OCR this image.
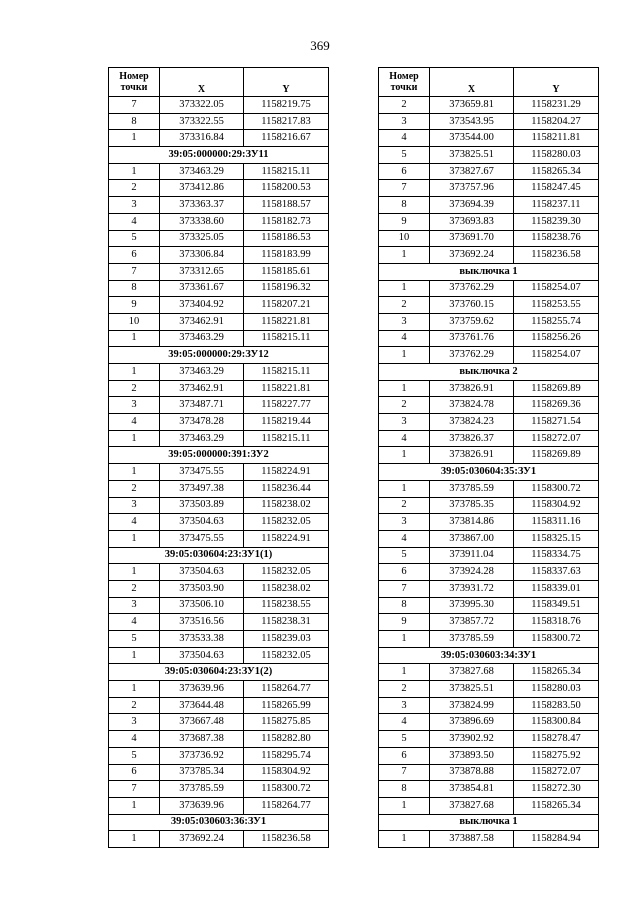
369
Номер
точки	X	Y
7	373322.05	1158219.75
8	373322.55	1158217.83
1	373316.84	1158216.67
39:05:000000:29:ЗУ11		
1	373463.29	1158215.11
2	373412.86	1158200.53
3	373363.37	1158188.57
4	373338.60	1158182.73
5	373325.05	1158186.53
6	373306.84	1158183.99
7	373312.65	1158185.61
8	373361.67	1158196.32
9	373404.92	1158207.21
10	373462.91	1158221.81
1	373463.29	1158215.11
39:05:000000:29:ЗУ12		
1	373463.29	1158215.11
2	373462.91	1158221.81
3	373487.71	1158227.77
4	373478.28	1158219.44
1	373463.29	1158215.11
39:05:000000:391:ЗУ2		
1	373475.55	1158224.91
2	373497.38	1158236.44
3	373503.89	1158238.02
4	373504.63	1158232.05
1	373475.55	1158224.91
39:05:030604:23:ЗУ1(1)		
1	373504.63	1158232.05
2	373503.90	1158238.02
3	373506.10	1158238.55
4	373516.56	1158238.31
5	373533.38	1158239.03
1	373504.63	1158232.05
39:05:030604:23:ЗУ1(2)		
1	373639.96	1158264.77
2	373644.48	1158265.99
3	373667.48	1158275.85
4	373687.38	1158282.80
5	373736.92	1158295.74
6	373785.34	1158304.92
7	373785.59	1158300.72
1	373639.96	1158264.77
39:05:030603:36:ЗУ1		
1	373692.24	1158236.58
Номер
точки	X	Y
2	373659.81	1158231.29
3	373543.95	1158204.27
4	373544.00	1158211.81
5	373825.51	1158280.03
6	373827.67	1158265.34
7	373757.96	1158247.45
8	373694.39	1158237.11
9	373693.83	1158239.30
10	373691.70	1158238.76
1	373692.24	1158236.58
выключка 1		
1	373762.29	1158254.07
2	373760.15	1158253.55
3	373759.62	1158255.74
4	373761.76	1158256.26
1	373762.29	1158254.07
выключка 2		
1	373826.91	1158269.89
2	373824.78	1158269.36
3	373824.23	1158271.54
4	373826.37	1158272.07
1	373826.91	1158269.89
39:05:030604:35:ЗУ1		
1	373785.59	1158300.72
2	373785.35	1158304.92
3	373814.86	1158311.16
4	373867.00	1158325.15
5	373911.04	1158334.75
6	373924.28	1158337.63
7	373931.72	1158339.01
8	373995.30	1158349.51
9	373857.72	1158318.76
1	373785.59	1158300.72
39:05:030603:34:ЗУ1		
1	373827.68	1158265.34
2	373825.51	1158280.03
3	373824.99	1158283.50
4	373896.69	1158300.84
5	373902.92	1158278.47
6	373893.50	1158275.92
7	373878.88	1158272.07
8	373854.81	1158272.30
1	373827.68	1158265.34
выключка 1		
1	373887.58	1158284.94
